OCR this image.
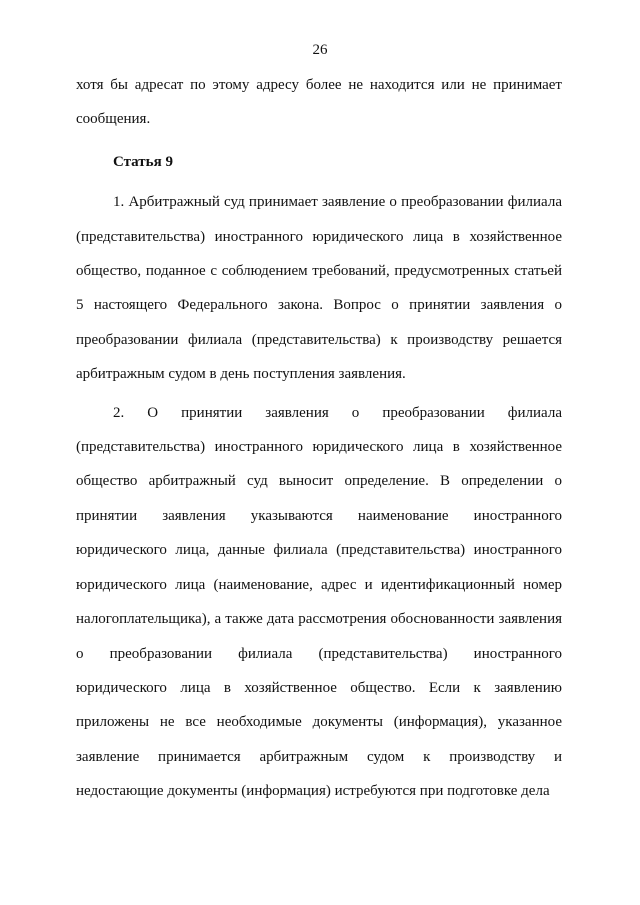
26

хотя бы адресат по этому адресу более не находится или не принимает сообщения.

Статья 9

1. Арбитражный суд принимает заявление о преобразовании филиала (представительства) иностранного юридического лица в хозяйственное общество, поданное с соблюдением требований, предусмотренных статьей 5 настоящего Федерального закона. Вопрос о принятии заявления о преобразовании филиала (представительства) к производству решается арбитражным судом в день поступления заявления.

2. О принятии заявления о преобразовании филиала (представительства) иностранного юридического лица в хозяйственное общество арбитражный суд выносит определение. В определении о принятии заявления указываются наименование иностранного юридического лица, данные филиала (представительства) иностранного юридического лица (наименование, адрес и идентификационный номер налогоплательщика), а также дата рассмотрения обоснованности заявления о преобразовании филиала (представительства) иностранного юридического лица в хозяйственное общество. Если к заявлению приложены не все необходимые документы (информация), указанное заявление принимается арбитражным судом к производству и недостающие документы (информация) истребуются при подготовке дела
